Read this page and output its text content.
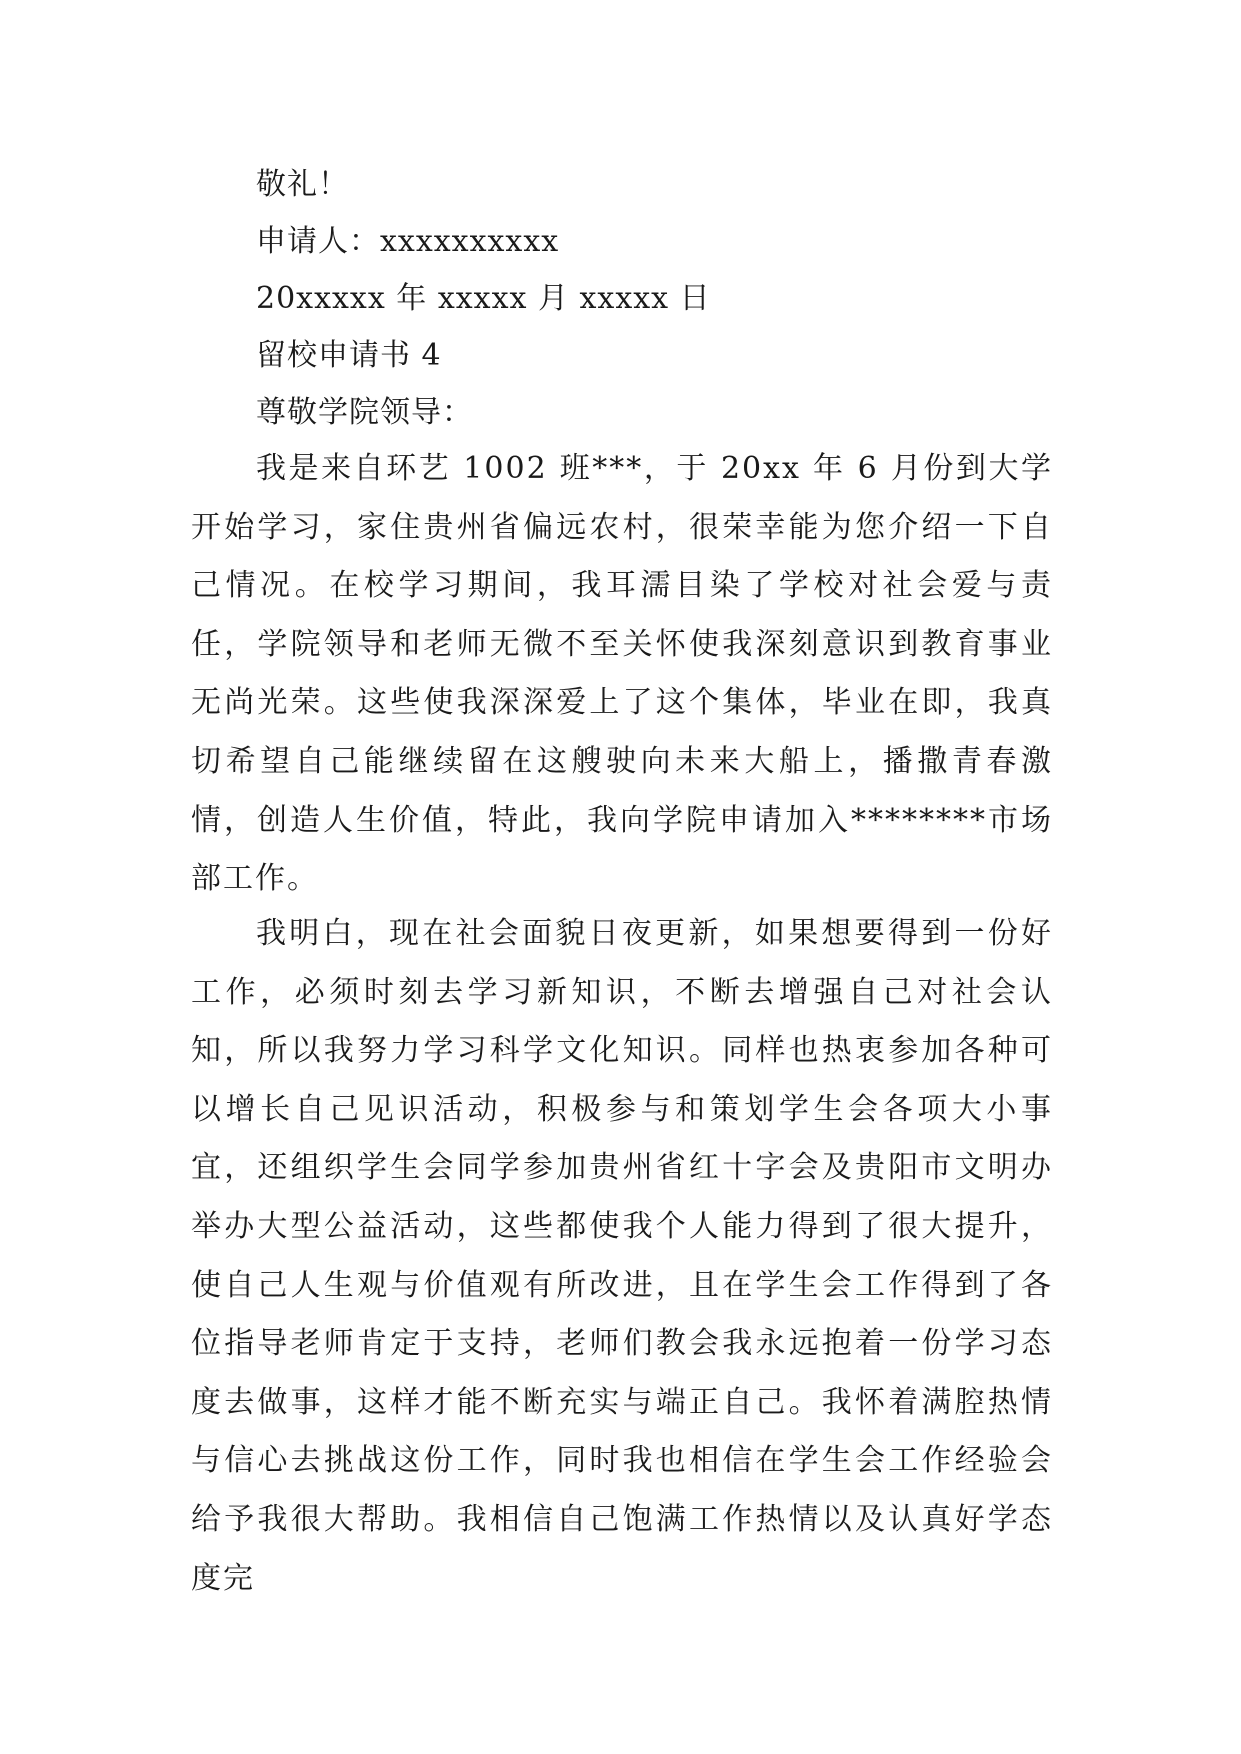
敬礼！
申请人：xxxxxxxxxx
20xxxxx 年 xxxxx 月 xxxxx 日
留校申请书 4
尊敬学院领导：

我是来自环艺 1002 班***，于 20xx 年 6 月份到大学开始学习，家住贵州省偏远农村，很荣幸能为您介绍一下自己情况。在校学习期间，我耳濡目染了学校对社会爱与责任，学院领导和老师无微不至关怀使我深刻意识到教育事业无尚光荣。这些使我深深爱上了这个集体，毕业在即，我真切希望自己能继续留在这艘驶向未来大船上，播撒青春激情，创造人生价值，特此，我向学院申请加入********市场部工作。

我明白，现在社会面貌日夜更新，如果想要得到一份好工作，必须时刻去学习新知识，不断去增强自己对社会认知，所以我努力学习科学文化知识。同样也热衷参加各种可以增长自己见识活动，积极参与和策划学生会各项大小事宜，还组织学生会同学参加贵州省红十字会及贵阳市文明办举办大型公益活动，这些都使我个人能力得到了很大提升，使自己人生观与价值观有所改进，且在学生会工作得到了各位指导老师肯定于支持，老师们教会我永远抱着一份学习态度去做事，这样才能不断充实与端正自己。我怀着满腔热情与信心去挑战这份工作，同时我也相信在学生会工作经验会给予我很大帮助。我相信自己饱满工作热情以及认真好学态度完
